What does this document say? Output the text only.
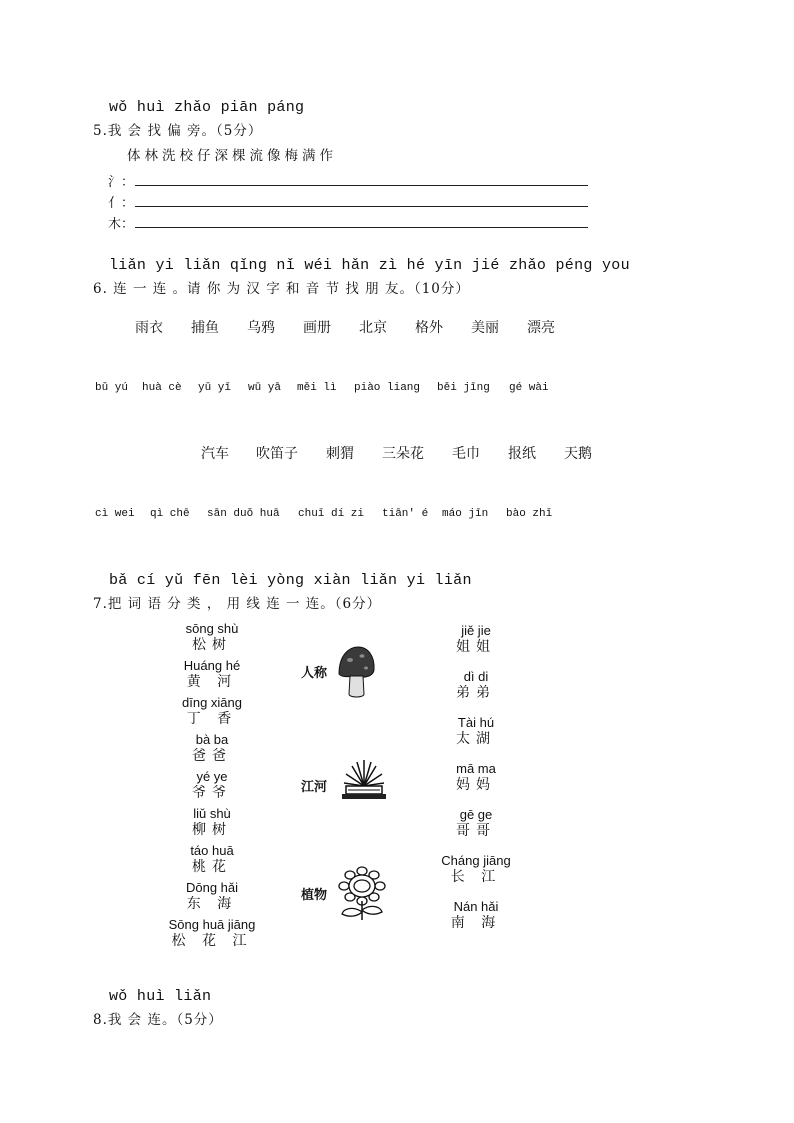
wǒ huì zhǎo piān páng
5.我 会 找 偏 旁。（5分）
体林洗校仔深棵流像梅满作
氵：
亻：
木：
liǎn yi liǎn qǐng nǐ wéi hǎn zì hé yīn jié zhǎo péng you
6. 连 一 连 。请 你 为 汉 字 和 音 节 找 朋 友。（10分）
雨衣 捕鱼 乌鸦 画册 北京 格外 美丽 漂亮
bǔ yú huà cè yǔ yī wū yā měi lì piào liang běi jīng gé wài
汽车 吹笛子 刺猬 三朵花 毛巾 报纸 天鹅
cì wei qì chē sān duǒ huā chuī dí zi tiān' é máo jīn bào zhǐ
bǎ cí yǔ fēn lèi yòng xiàn liǎn yi liǎn
7.把 词 语 分 类 ， 用 线 连 一 连。（6分）
sōng shù
松树
Huáng hé
黄 河
dīng xiāng
丁 香
bà ba
爸爸
yé ye
爷爷
liǔ shù
柳树
táo huā
桃花
Dōng hǎi
东 海
Sōng huā jiāng
松 花 江
人称
江河
植物
jiě jie
姐姐
dì di
弟弟
Tài hú
太湖
mā ma
妈妈
gē ge
哥哥
Cháng jiāng
长 江
Nán hǎi
南 海
wǒ huì liǎn
8.我 会 连。（5分）
